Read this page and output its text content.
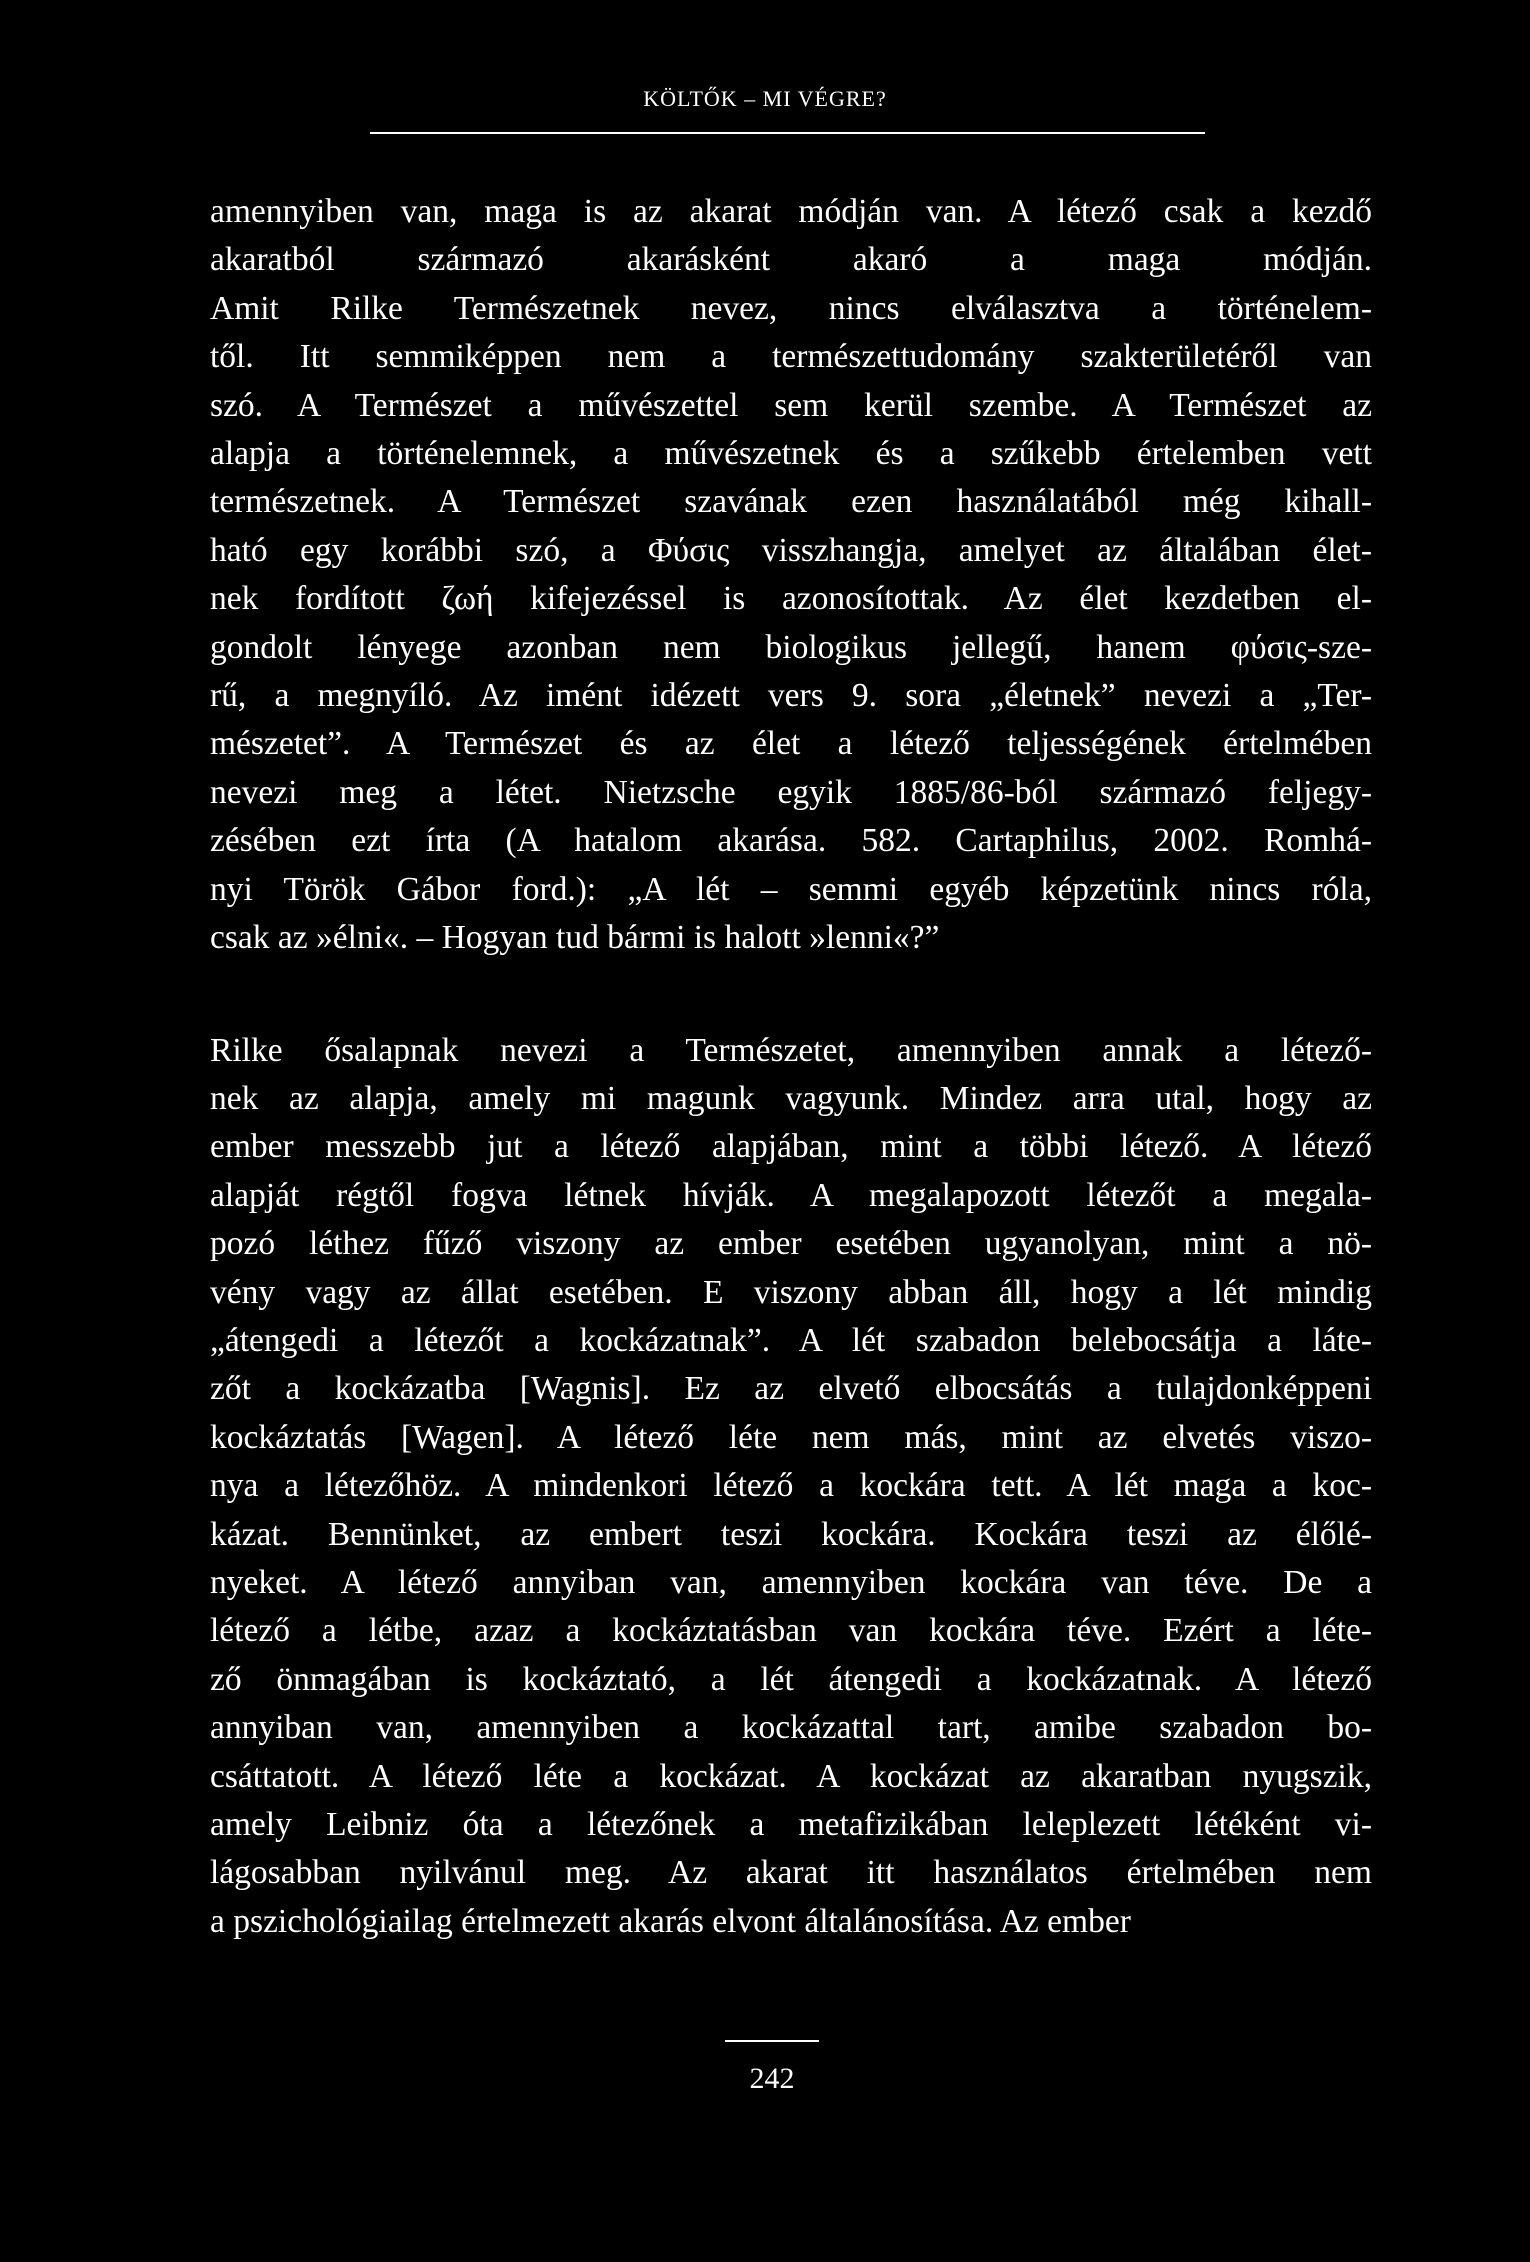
KÖLTŐK – MI VÉGRE?
amennyiben van, maga is az akarat módján van. A létező csak a kezdő
akaratból származó akarásként akaró a maga módján.
Amit Rilke Természetnek nevez, nincs elválasztva a történelem-
től. Itt semmiképpen nem a természettudomány szakterületéről van
szó. A Természet a művészettel sem kerül szembe. A Természet az
alapja a történelemnek, a művészetnek és a szűkebb értelemben vett
természetnek. A Természet szavának ezen használatából még kihall-
ható egy korábbi szó, a Φύσις visszhangja, amelyet az általában élet-
nek fordított ζωή kifejezéssel is azonosítottak. Az élet kezdetben el-
gondolt lényege azonban nem biologikus jellegű, hanem φύσις-sze-
rű, a megnyíló. Az imént idézett vers 9. sora „életnek” nevezi a „Ter-
mészetet”. A Természet és az élet a létező teljességének értelmében
nevezi meg a létet. Nietzsche egyik 1885/86-ból származó feljegy-
zésében ezt írta (A hatalom akarása. 582. Cartaphilus, 2002. Romhá-
nyi Török Gábor ford.): „A lét – semmi egyéb képzetünk nincs róla,
csak az »élni«. – Hogyan tud bármi is halott »lenni«?”
Rilke ősalapnak nevezi a Természetet, amennyiben annak a létező-
nek az alapja, amely mi magunk vagyunk. Mindez arra utal, hogy az
ember messzebb jut a létező alapjában, mint a többi létező. A létező
alapját régtől fogva létnek hívják. A megalapozott létezőt a megala-
pozó léthez fűző viszony az ember esetében ugyanolyan, mint a nö-
vény vagy az állat esetében. E viszony abban áll, hogy a lét mindig
„átengedi a létezőt a kockázatnak”. A lét szabadon belebocsátja a láte-
zőt a kockázatba [Wagnis]. Ez az elvető elbocsátás a tulajdonképpeni
kockáztatás [Wagen]. A létező léte nem más, mint az elvetés viszo-
nya a létezőhöz. A mindenkori létező a kockára tett. A lét maga a koc-
kázat. Bennünket, az embert teszi kockára. Kockára teszi az élőlé-
nyeket. A létező annyiban van, amennyiben kockára van téve. De a
létező a létbe, azaz a kockáztatásban van kockára téve. Ezért a léte-
ző önmagában is kockáztató, a lét átengedi a kockázatnak. A létező
annyiban van, amennyiben a kockázattal tart, amibe szabadon bo-
csáttatott. A létező léte a kockázat. A kockázat az akaratban nyugszik,
amely Leibniz óta a létezőnek a metafizikában leleplezett létéként vi-
lágosabban nyilvánul meg. Az akarat itt használatos értelmében nem
a pszichológiailag értelmezett akarás elvont általánosítása. Az ember
242
